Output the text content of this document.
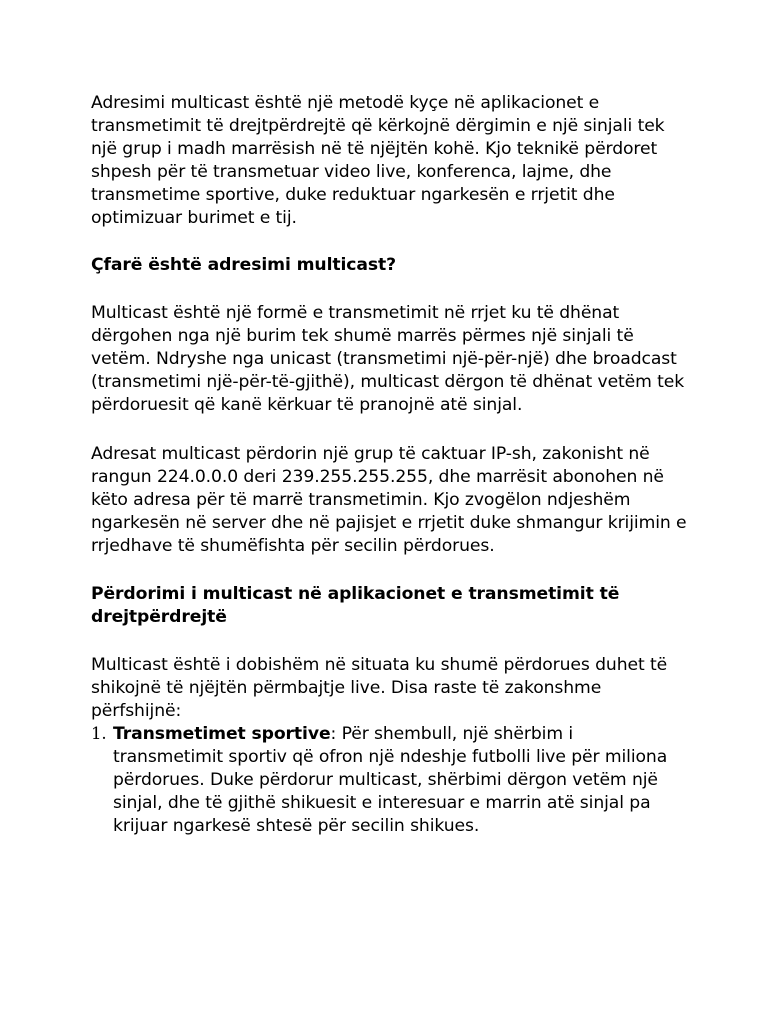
Adresimi multicast është një metodë kyçe në aplikacionet e transmetimit të drejtpërdrejtë që kërkojnë dërgimin e një sinjali tek një grup i madh marrësish në të njëjtën kohë. Kjo teknikë përdoret shpesh për të transmetuar video live, konferenca, lajme, dhe transmetime sportive, duke reduktuar ngarkesën e rrjetit dhe optimizuar burimet e tij.

Çfarë është adresimi multicast?

Multicast është një formë e transmetimit në rrjet ku të dhënat dërgohen nga një burim tek shumë marrës përmes një sinjali të vetëm. Ndryshe nga unicast (transmetimi një-për-një) dhe broadcast (transmetimi një-për-të-gjithë), multicast dërgon të dhënat vetëm tek përdoruesit që kanë kërkuar të pranojnë atë sinjal.

Adresat multicast përdorin një grup të caktuar IP-sh, zakonisht në rangun 224.0.0.0 deri 239.255.255.255, dhe marrësit abonohen në këto adresa për të marrë transmetimin. Kjo zvogëlon ndjeshëm ngarkesën në server dhe në pajisjet e rrjetit duke shmangur krijimin e rrjedhave të shumëfishta për secilin përdorues.

Përdorimi i multicast në aplikacionet e transmetimit të drejtpërdrejtë

Multicast është i dobishëm në situata ku shumë përdorues duhet të shikojnë të njëjtën përmbajtje live. Disa raste të zakonshme përfshijnë:

1. Transmetimet sportive: Për shembull, një shërbim i transmetimit sportiv që ofron një ndeshje futbolli live për miliona përdorues. Duke përdorur multicast, shërbimi dërgon vetëm një sinjal, dhe të gjithë shikuesit e interesuar e marrin atë sinjal pa krijuar ngarkesë shtesë për secilin shikues.
